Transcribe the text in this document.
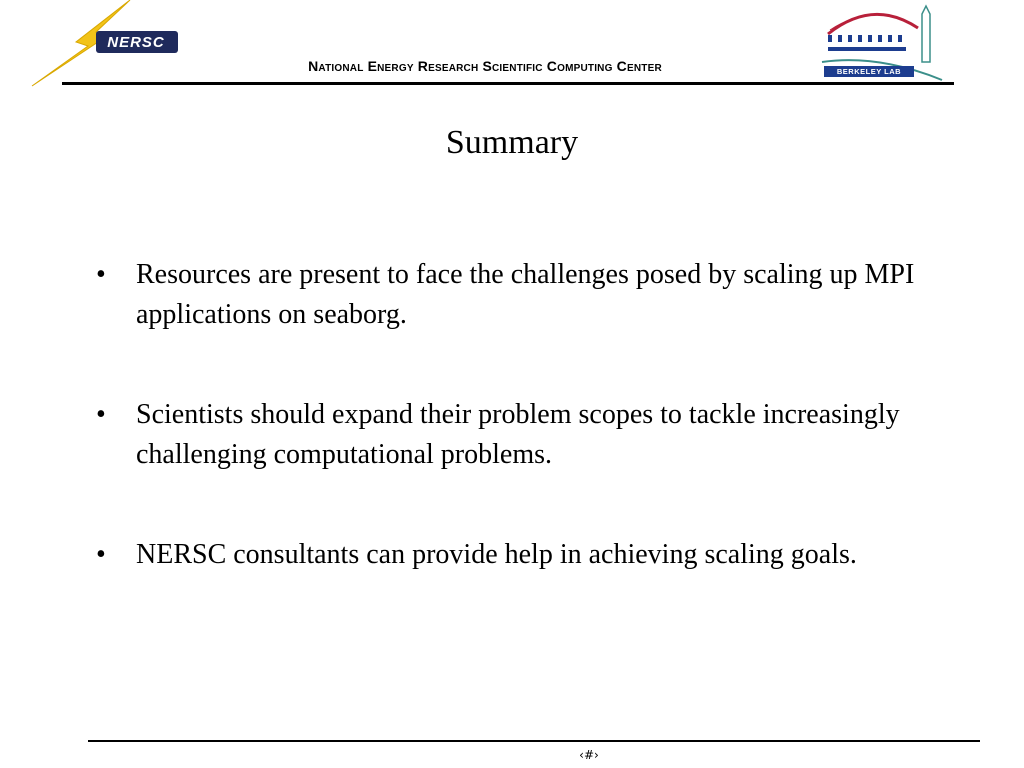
NERSC
National Energy Research Scientific Computing Center	BERKELEY LAB
Summary
• Resources are present to face the challenges posed by scaling up MPI applications on seaborg.
• Scientists should expand their problem scopes to tackle increasingly challenging computational problems.
• NERSC consultants can provide help in achieving scaling goals.
‹#›
